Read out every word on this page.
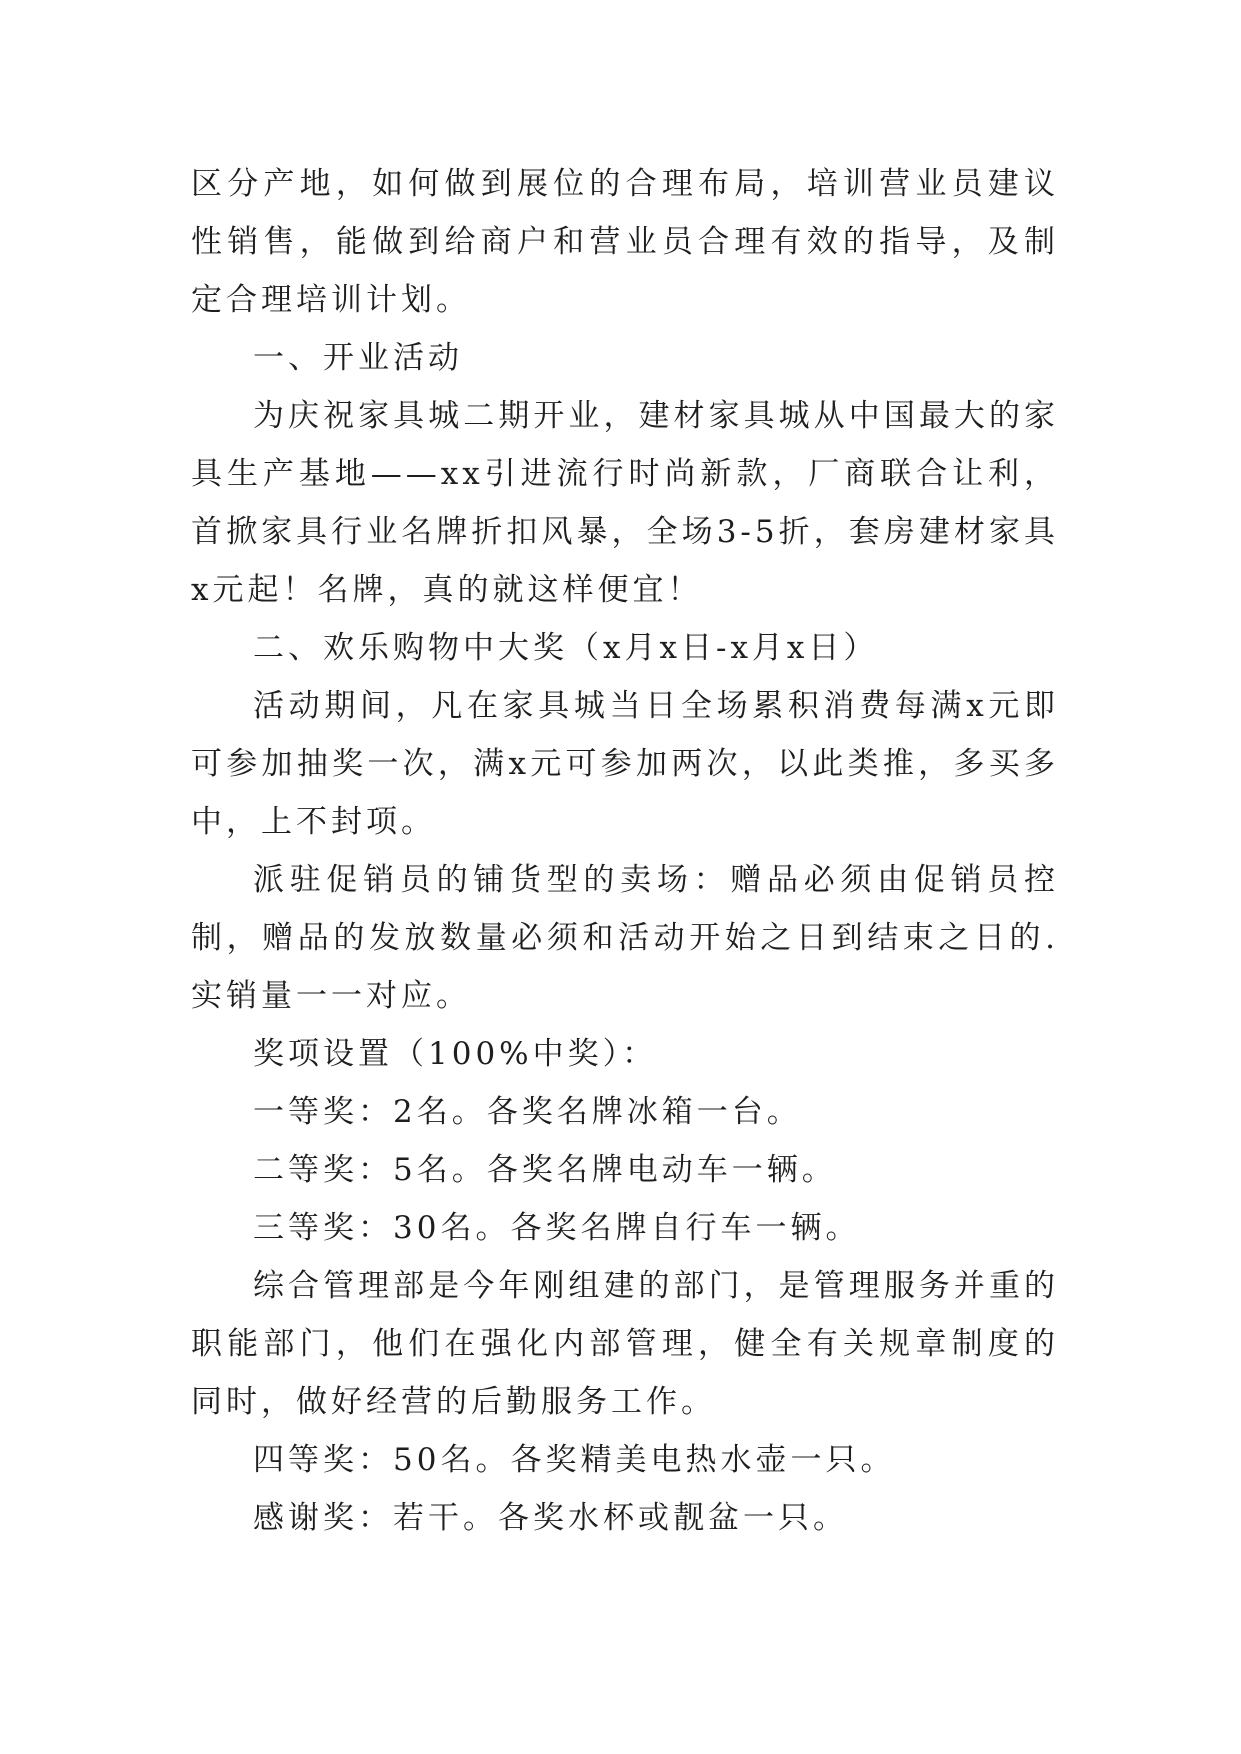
区分产地，如何做到展位的合理布局，培训营业员建议性销售，能做到给商户和营业员合理有效的指导，及制定合理培训计划。

一、开业活动

为庆祝家具城二期开业，建材家具城从中国最大的家具生产基地——xx引进流行时尚新款，厂商联合让利，首掀家具行业名牌折扣风暴，全场3-5折，套房建材家具x元起！名牌，真的就这样便宜！

二、欢乐购物中大奖（x月x日-x月x日）

活动期间，凡在家具城当日全场累积消费每满x元即可参加抽奖一次，满x元可参加两次，以此类推，多买多中，上不封项。

派驻促销员的铺货型的卖场：赠品必须由促销员控制，赠品的发放数量必须和活动开始之日到结束之日的.实销量一一对应。

奖项设置（100%中奖）：

一等奖：2名。各奖名牌冰箱一台。

二等奖：5名。各奖名牌电动车一辆。

三等奖：30名。各奖名牌自行车一辆。

综合管理部是今年刚组建的部门，是管理服务并重的职能部门，他们在强化内部管理，健全有关规章制度的同时，做好经营的后勤服务工作。

四等奖：50名。各奖精美电热水壶一只。

感谢奖：若干。各奖水杯或靓盆一只。
